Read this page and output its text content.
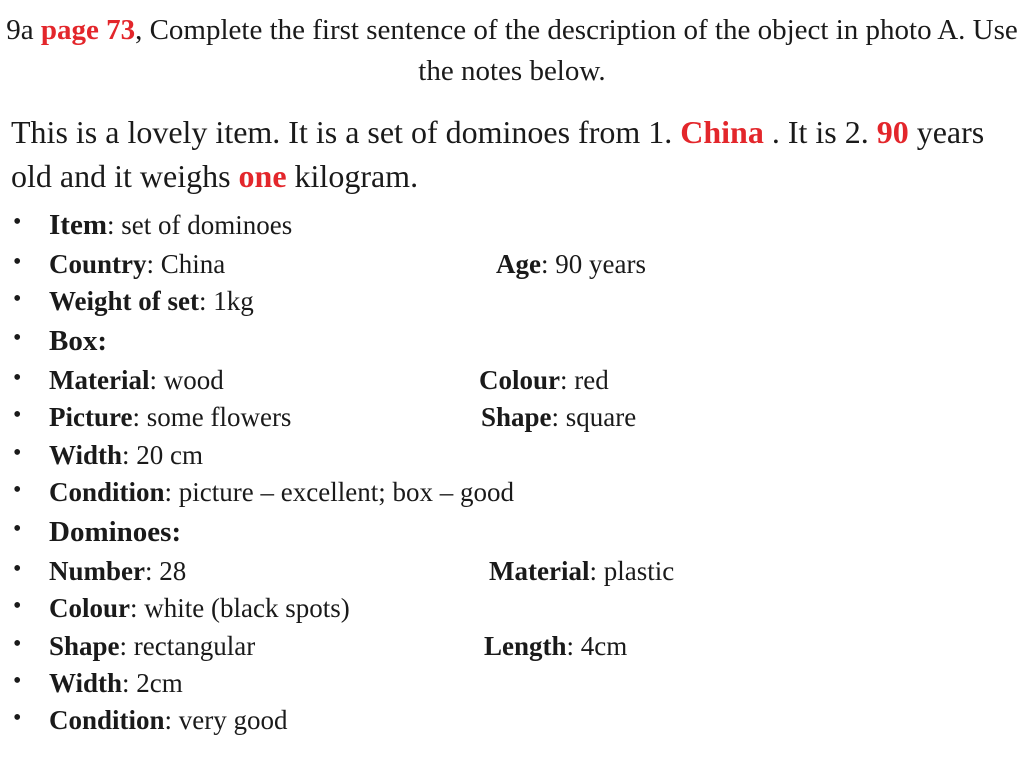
9a page 73, Complete the first sentence of the description of the object in photo A. Use the notes below.
This is a lovely item. It is a set of dominoes from 1. China . It is 2. 90 years old and it weighs one kilogram.
• Item: set of dominoes
• Country: China	Age: 90 years
• Weight of set: 1kg
• Box:
• Material: wood	Colour: red
• Picture: some flowers	Shape: square
• Width: 20 cm
• Condition: picture – excellent; box – good
• Dominoes:
• Number: 28	Material: plastic
• Colour: white (black spots)
• Shape: rectangular	Length: 4cm
• Width: 2cm
• Condition: very good
